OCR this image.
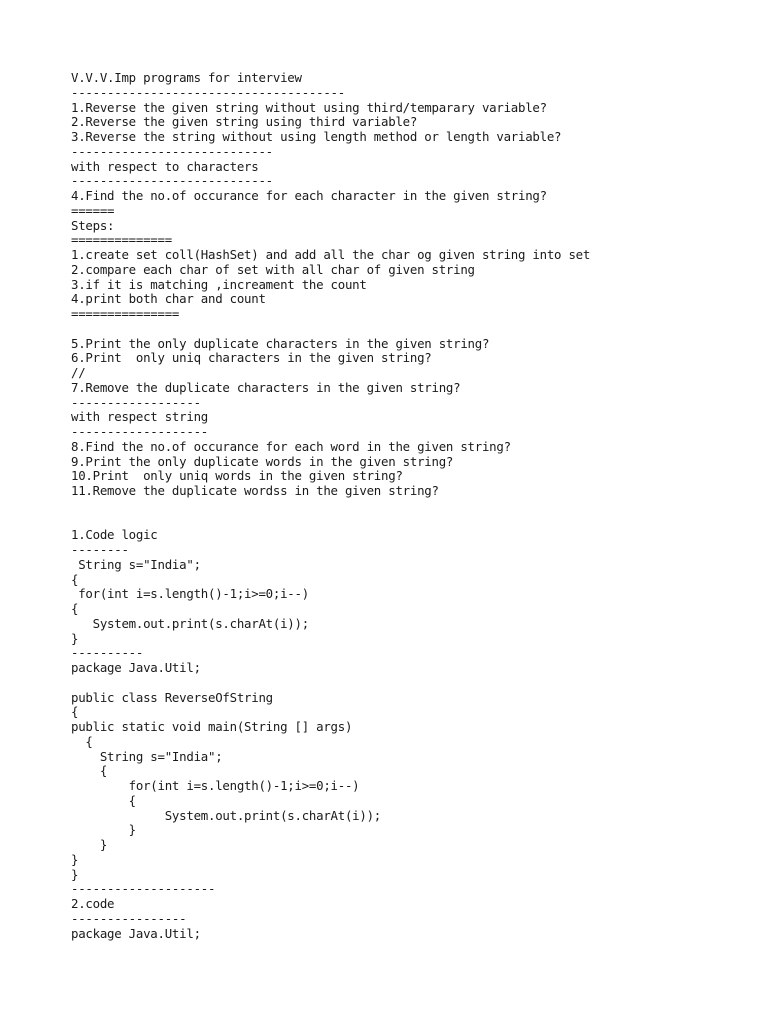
V.V.V.Imp programs for interview
--------------------------------------
1.Reverse the given string without using third/temparary variable?
2.Reverse the given string using third variable?
3.Reverse the string without using length method or length variable?
----------------------------
with respect to characters
----------------------------
4.Find the no.of occurance for each character in the given string?
======
Steps:
==============
1.create set coll(HashSet) and add all the char og given string into set
2.compare each char of set with all char of given string
3.if it is matching ,increament the count
4.print both char and count
===============
5.Print the only duplicate characters in the given string?
6.Print  only uniq characters in the given string?
//
7.Remove the duplicate characters in the given string?
------------------
with respect string
-------------------
8.Find the no.of occurance for each word in the given string?
9.Print the only duplicate words in the given string?
10.Print  only uniq words in the given string?
11.Remove the duplicate wordss in the given string?
1.Code logic
--------
String s="India";
{
for(int i=s.length()-1;i>=0;i--)
{
System.out.print(s.charAt(i));
}
----------
package Java.Util;
public class ReverseOfString
{
public static void main(String [] args)
{
String s="India";
{
for(int i=s.length()-1;i>=0;i--)
{
System.out.print(s.charAt(i));
}
}
}
}
--------------------
2.code
----------------
package Java.Util;
